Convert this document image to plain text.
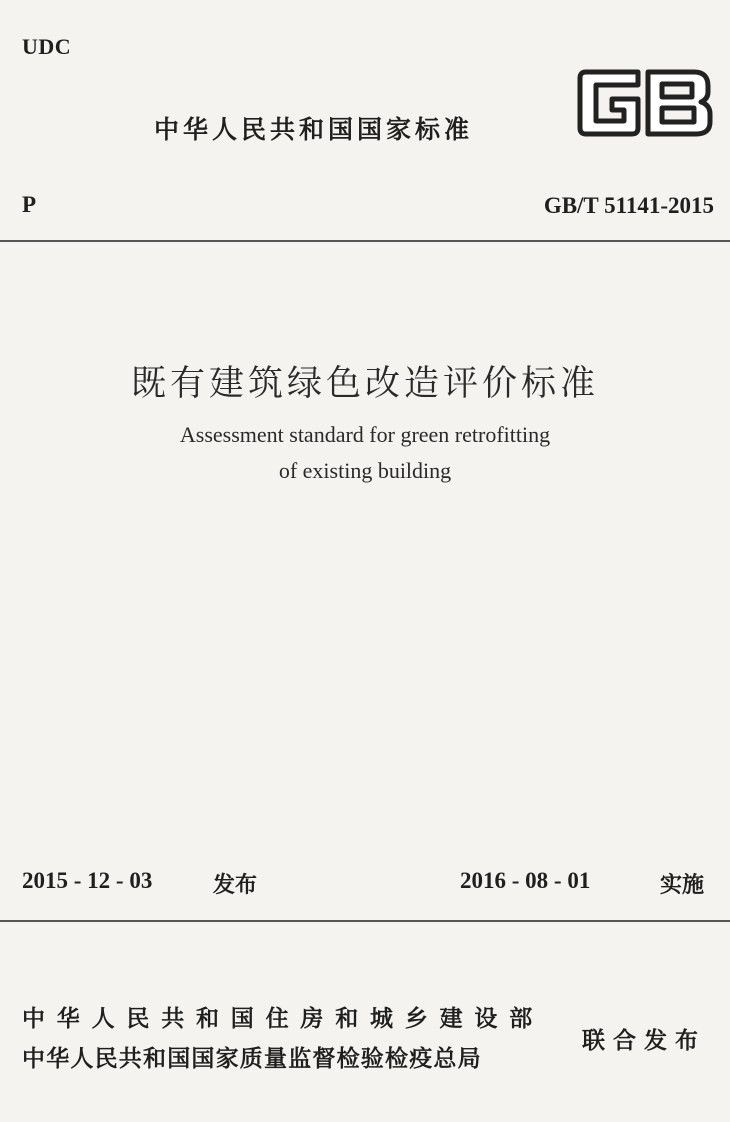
UDC
中华人民共和国国家标准
P	GB/T 51141-2015
既有建筑绿色改造评价标准
Assessment standard for green retrofitting
of existing building
2015 - 12 - 03	发布	2016 - 08 - 01	实施
中华人民共和国住房和城乡建设部
中华人民共和国国家质量监督检验检疫总局
联合发布
